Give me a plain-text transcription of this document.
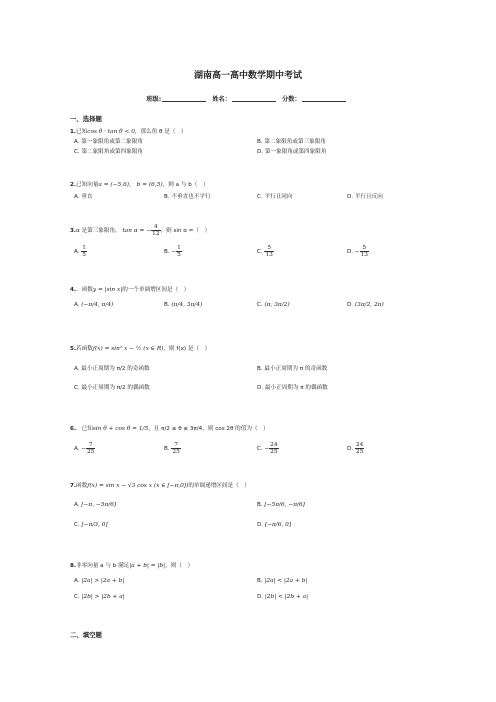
湖南高一高中数学期中考试
班级:	姓名：	分数：
一、选择题
1.已知cos θ · tan θ < 0，那么角 θ 是（　）
A. 第一象限角或第二象限角	B. 第二象限角或第三象限角
C. 第二象限角或第四象限角	D. 第一象限角或第四象限角
2.已知向量a = (−5,6)， b = (6,5)，则 a 与 b（　）
A. 垂直	B. 不垂直也不平行	C. 平行且同向	D. 平行且反向
3.α 是第三象限角， tan α = − $\frac{4}{12}$ ，则 sin α =（　）
A. $\frac{1}{5}$	B. − $\frac{1}{5}$	C. $\frac{5}{13}$	D. − $\frac{5}{13}$
4.．函数y = |sin x|的一个单调增区间是（　）
A. (−π/4, π/4)	B. (π/4, 3π/4)	C. (π, 3π/2)	D. (3π/2, 2π)
5.若函数f(x) = sin² x − ½ (x ∈ R)，则 f(x) 是（　）
A. 最小正周期为 π/2 的奇函数	B. 最小正周期为 π 的奇函数
C. 最小正周期为 π/2 的偶函数	D. 最小正周期为 π 的偶函数
6.．已知sin θ + cos θ = 1/5，且 π/2 ≤ θ ≤ 3π/4，则 cos 2θ 的值为（　）
A. − $\frac{7}{25}$	B. $\frac{7}{25}$	C. − $\frac{24}{25}$	D. $\frac{24}{25}$
7.函数f(x) = sin x − √3 cos x (x ∈ [−π,0])的单调递增区间是（　）
A. [−π, −5π/6]	B. [−5π/6, −π/6]
C. [−π/3, 0]	D. [−π/6, 0]
8.非零向量 a 与 b 满足|a + b| = |b|，则（　）
A. |2a| > |2a + b|	B. |2a| < |2a + b|
C. |2b| > |2b + a|	D. |2b| < |2b + a|
二、填空题
